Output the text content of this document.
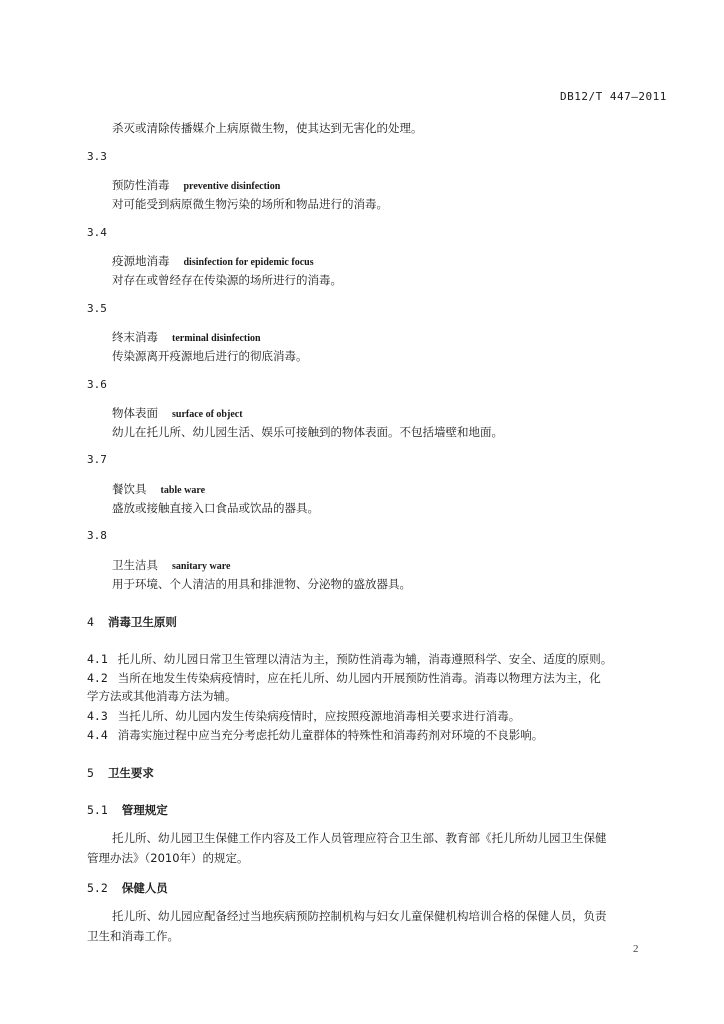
DB12/T 447—2011
杀灭或清除传播媒介上病原微生物，使其达到无害化的处理。
3.3
预防性消毒 preventive disinfection
对可能受到病原微生物污染的场所和物品进行的消毒。
3.4
疫源地消毒 disinfection for epidemic focus
对存在或曾经存在传染源的场所进行的消毒。
3.5
终末消毒 terminal disinfection
传染源离开疫源地后进行的彻底消毒。
3.6
物体表面 surface of object
幼儿在托儿所、幼儿园生活、娱乐可接触到的物体表面。不包括墙壁和地面。
3.7
餐饮具 table ware
盛放或接触直接入口食品或饮品的器具。
3.8
卫生洁具 sanitary ware
用于环境、个人清洁的用具和排泄物、分泌物的盛放器具。
4 消毒卫生原则
4.1 托儿所、幼儿园日常卫生管理以清洁为主，预防性消毒为辅，消毒遵照科学、安全、适度的原则。
4.2 当所在地发生传染病疫情时，应在托儿所、幼儿园内开展预防性消毒。消毒以物理方法为主，化
学方法或其他消毒方法为辅。
4.3 当托儿所、幼儿园内发生传染病疫情时，应按照疫源地消毒相关要求进行消毒。
4.4 消毒实施过程中应当充分考虑托幼儿童群体的特殊性和消毒药剂对环境的不良影响。
5 卫生要求
5.1 管理规定
托儿所、幼儿园卫生保健工作内容及工作人员管理应符合卫生部、教育部《托儿所幼儿园卫生保健
管理办法》（2010年）的规定。
5.2 保健人员
托儿所、幼儿园应配备经过当地疾病预防控制机构与妇女儿童保健机构培训合格的保健人员，负责
卫生和消毒工作。
2
